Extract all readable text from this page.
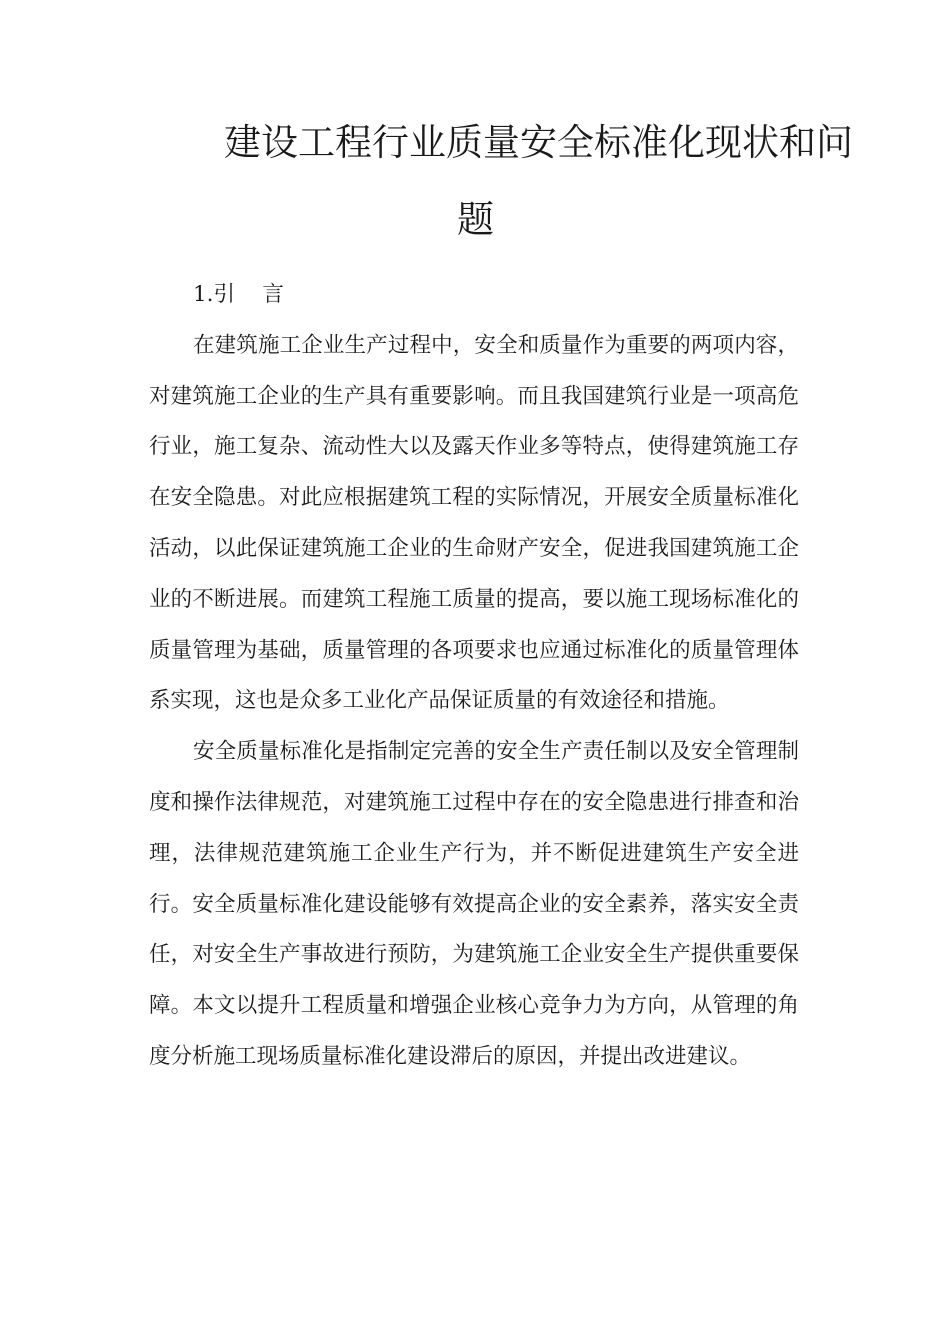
建设工程行业质量安全标准化现状和问
题

1.引    言

在建筑施工企业生产过程中，安全和质量作为重要的两项内容，对建筑施工企业的生产具有重要影响。而且我国建筑行业是一项高危行业，施工复杂、流动性大以及露天作业多等特点，使得建筑施工存在安全隐患。对此应根据建筑工程的实际情况，开展安全质量标准化活动，以此保证建筑施工企业的生命财产安全，促进我国建筑施工企业的不断进展。而建筑工程施工质量的提高，要以施工现场标准化的质量管理为基础，质量管理的各项要求也应通过标准化的质量管理体系实现，这也是众多工业化产品保证质量的有效途径和措施。

安全质量标准化是指制定完善的安全生产责任制以及安全管理制度和操作法律规范，对建筑施工过程中存在的安全隐患进行排查和治理，法律规范建筑施工企业生产行为，并不断促进建筑生产安全进行。安全质量标准化建设能够有效提高企业的安全素养，落实安全责任，对安全生产事故进行预防，为建筑施工企业安全生产提供重要保障。本文以提升工程质量和增强企业核心竞争力为方向，从管理的角度分析施工现场质量标准化建设滞后的原因，并提出改进建议。
